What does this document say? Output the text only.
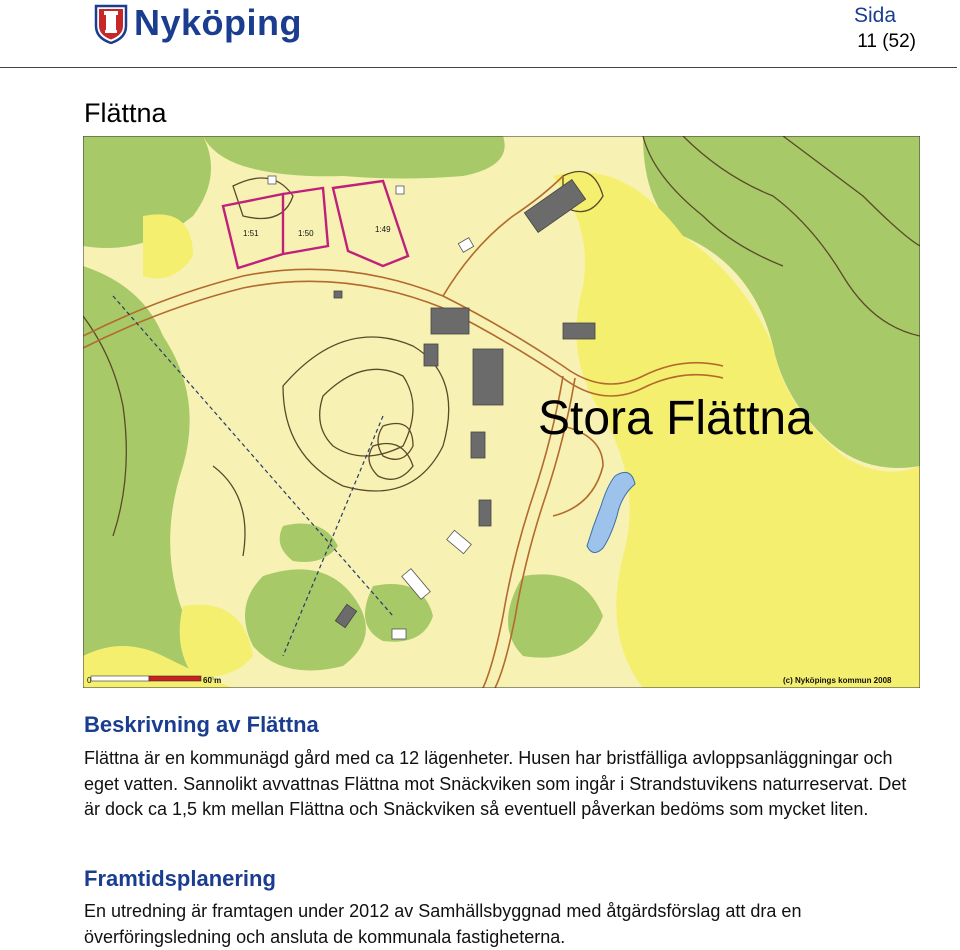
Nyköping	Sida
11 (52)
Flättna
1:51	1:50	1:49
Stora Flättna
0	60 m	(c) Nyköpings kommun 2008
Beskrivning av Flättna
Flättna är en kommunägd gård med ca 12 lägenheter. Husen har bristfälliga avloppsanläggningar och eget vatten. Sannolikt avvattnas Flättna mot Snäckviken som ingår i Strandstuvikens naturreservat. Det är dock ca 1,5 km mellan Flättna och Snäckviken så eventuell påverkan bedöms som mycket liten.
Framtidsplanering
En utredning är framtagen under 2012 av Samhällsbyggnad med åtgärdsförslag att dra en överföringsledning och ansluta de kommunala fastigheterna.
